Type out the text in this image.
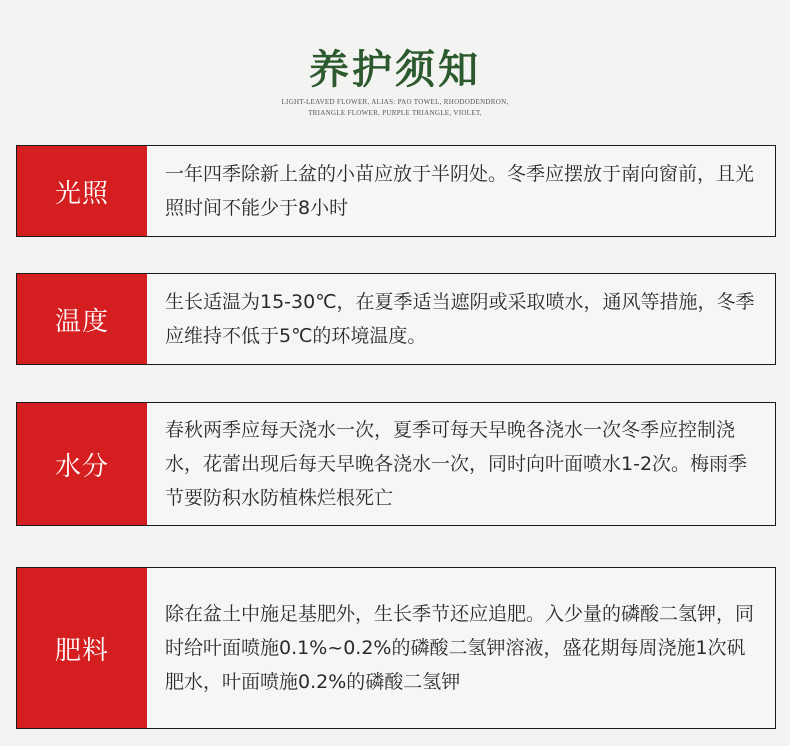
养护须知
LIGHT-LEAVED FLOWER, ALIAS: PAO TOWEL, RHODODENDRON,
TRIANGLE FLOWER, PURPLE TRIANGLE, VIOLET,
光照
一年四季除新上盆的小苗应放于半阴处。冬季应摆放于南向窗前，且光照时间不能少于8小时
温度
生长适温为15-30℃，在夏季适当遮阴或采取喷水，通风等措施，冬季应维持不低于5℃的环境温度。
水分
春秋两季应每天浇水一次，夏季可每天早晚各浇水一次冬季应控制浇水，花蕾出现后每天早晚各浇水一次，同时向叶面喷水1-2次。梅雨季节要防积水防植株烂根死亡
肥料
除在盆土中施足基肥外，生长季节还应追肥。入少量的磷酸二氢钾，同时给叶面喷施0.1%~0.2%的磷酸二氢钾溶液，盛花期每周浇施1次矾肥水，叶面喷施0.2%的磷酸二氢钾
